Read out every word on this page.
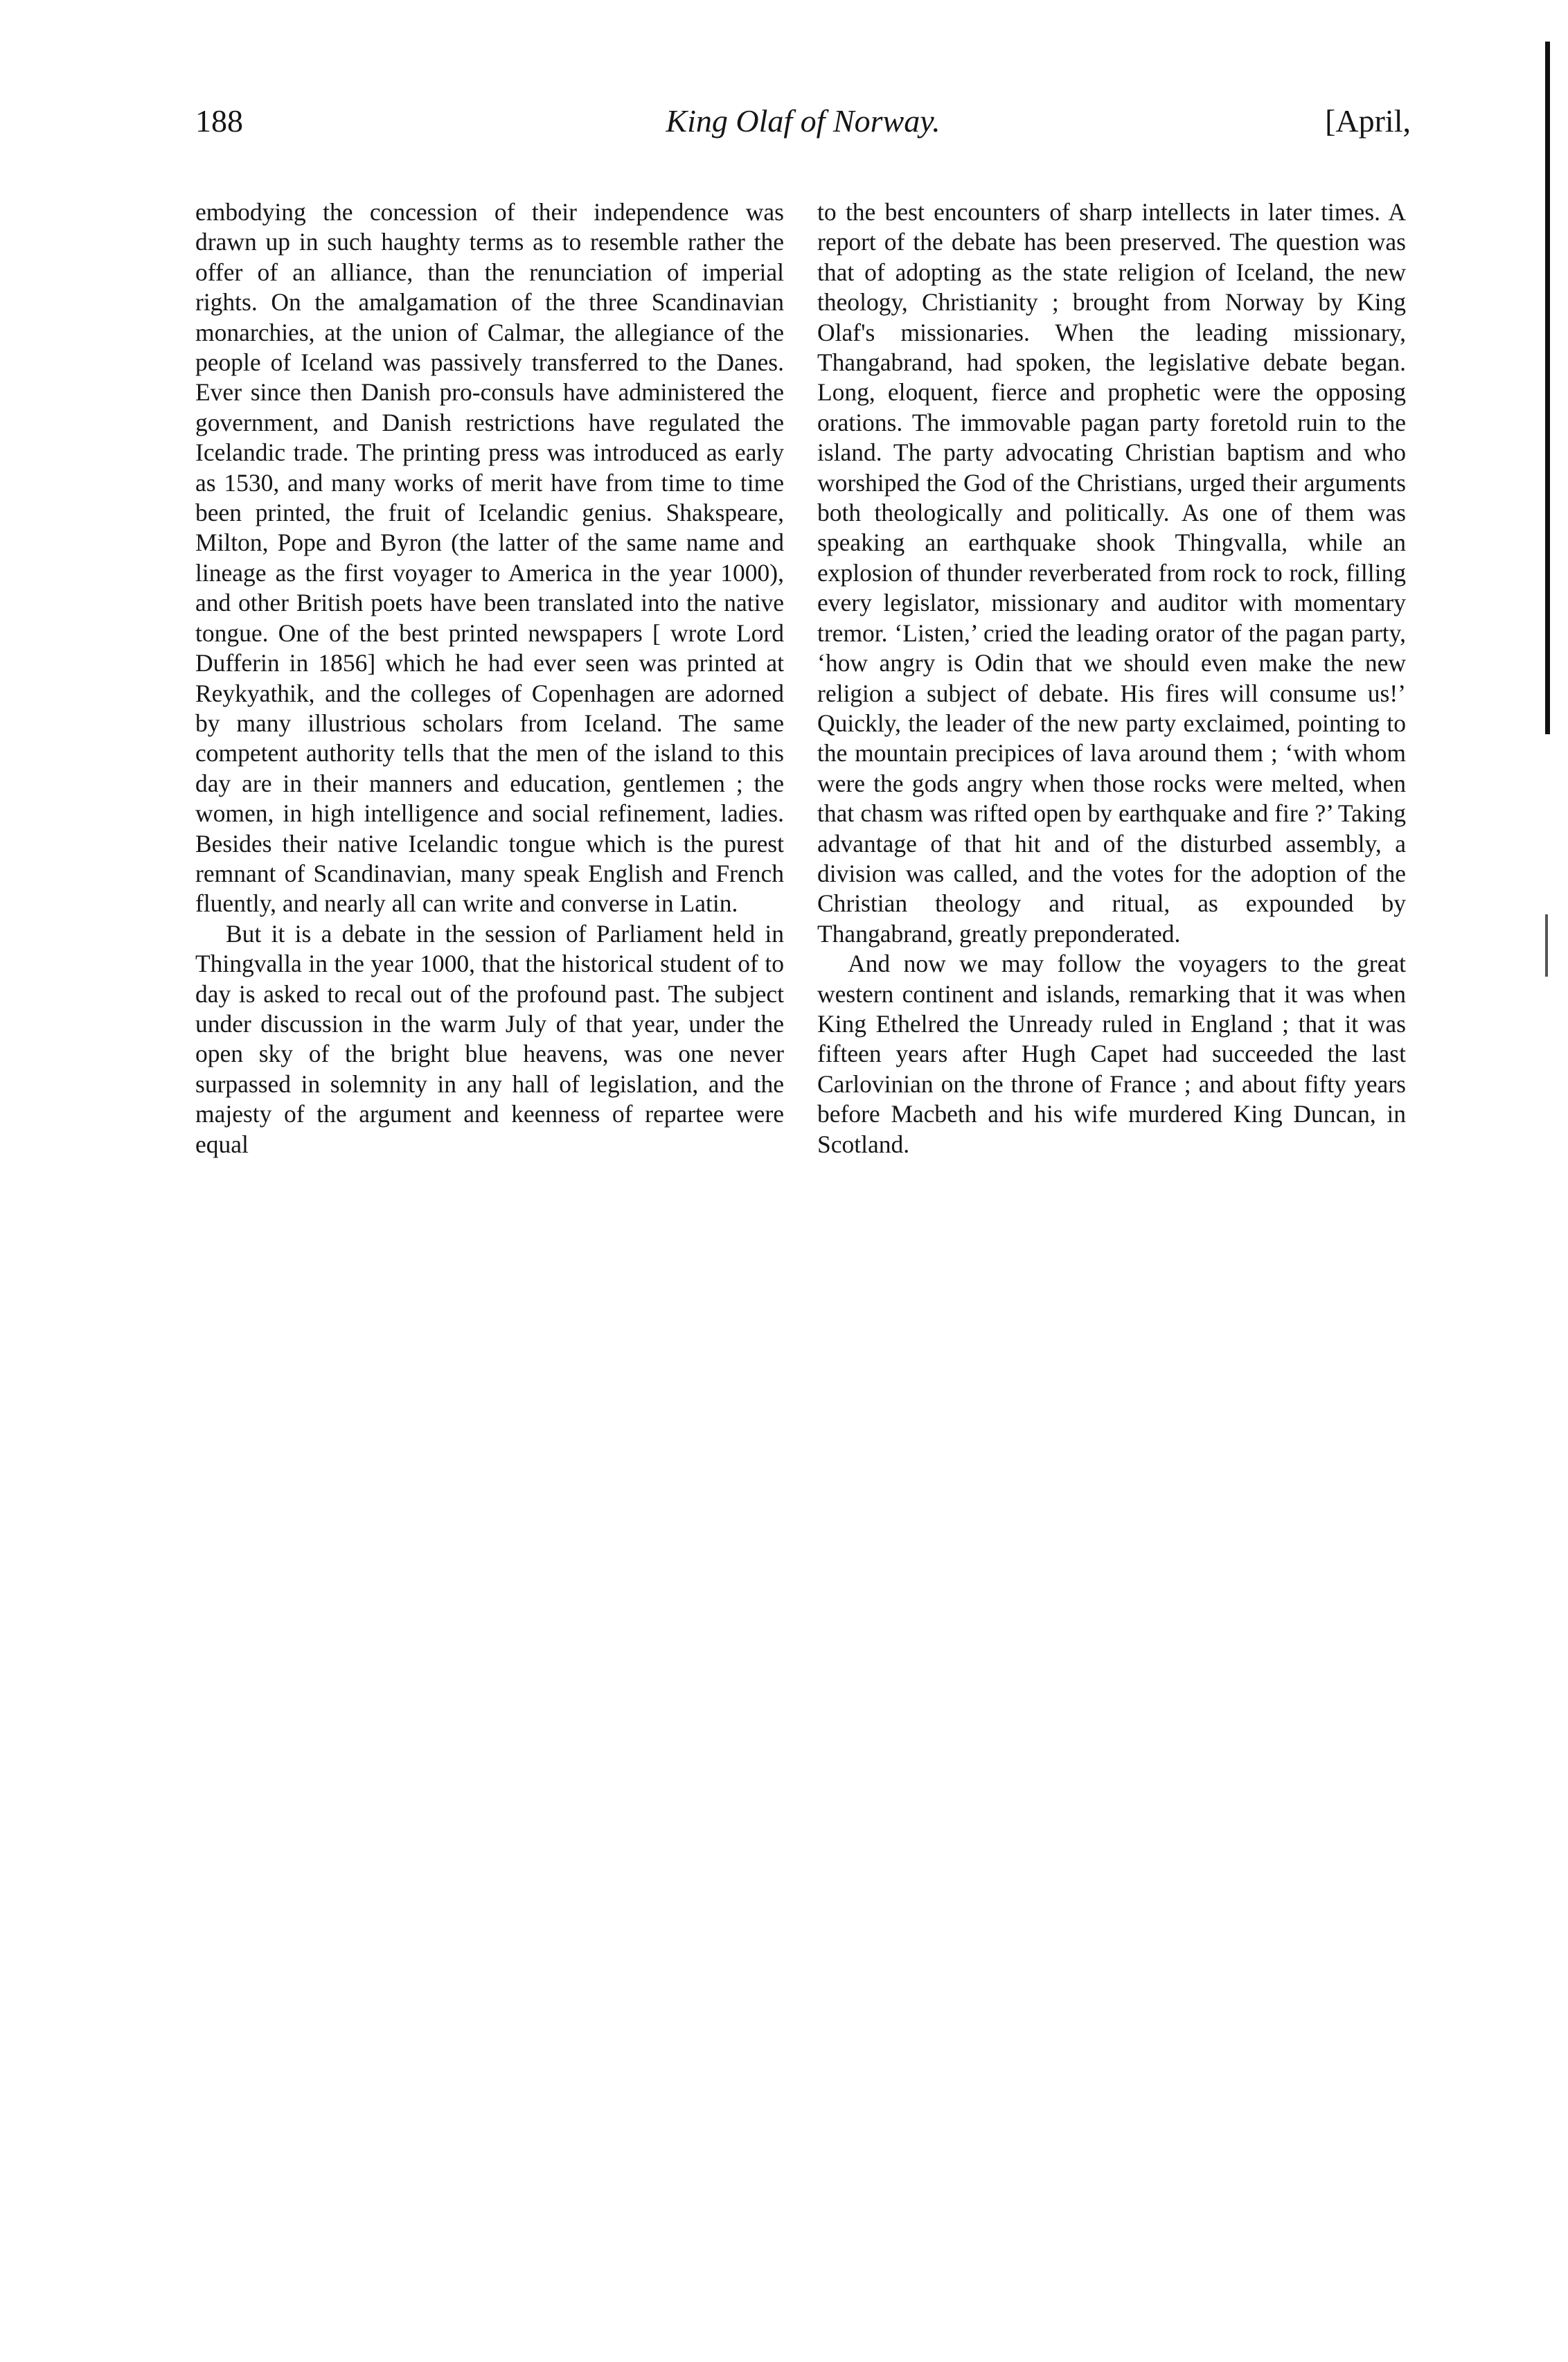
188	King Olaf of Norway.	[April,

embodying the concession of their independence was drawn up in such haughty terms as to resemble rather the offer of an alliance, than the renunciation of imperial rights. On the amalgamation of the three Scandinavian monarchies, at the union of Calmar, the allegiance of the people of Iceland was passively transferred to the Danes. Ever since then Danish pro-consuls have administered the government, and Danish restrictions have regulated the Icelandic trade. The printing press was introduced as early as 1530, and many works of merit have from time to time been printed, the fruit of Icelandic genius. Shakspeare, Milton, Pope and Byron (the latter of the same name and lineage as the first voyager to America in the year 1000), and other British poets have been translated into the native tongue. One of the best printed newspapers [ wrote Lord Dufferin in 1856] which he had ever seen was printed at Reykyathik, and the colleges of Copenhagen are adorned by many illustrious scholars from Iceland. The same competent authority tells that the men of the island to this day are in their manners and education, gentlemen ; the women, in high intelligence and social refinement, ladies. Besides their native Icelandic tongue which is the purest remnant of Scandinavian, many speak English and French fluently, and nearly all can write and converse in Latin.

But it is a debate in the session of Parliament held in Thingvalla in the year 1000, that the historical student of to day is asked to recal out of the profound past. The subject under discussion in the warm July of that year, under the open sky of the bright blue heavens, was one never surpassed in solemnity in any hall of legislation, and the majesty of the argument and keenness of repartee were equal

to the best encounters of sharp intellects in later times. A report of the debate has been preserved. The question was that of adopting as the state religion of Iceland, the new theology, Christianity ; brought from Norway by King Olaf's missionaries. When the leading missionary, Thangabrand, had spoken, the legislative debate began. Long, eloquent, fierce and prophetic were the opposing orations. The immovable pagan party foretold ruin to the island. The party advocating Christian baptism and who worshiped the God of the Christians, urged their arguments both theologically and politically. As one of them was speaking an earthquake shook Thingvalla, while an explosion of thunder reverberated from rock to rock, filling every legislator, missionary and auditor with momentary tremor. ‘Listen,’ cried the leading orator of the pagan party, ‘how angry is Odin that we should even make the new religion a subject of debate. His fires will consume us!’ Quickly, the leader of the new party exclaimed, pointing to the mountain precipices of lava around them ; ‘with whom were the gods angry when those rocks were melted, when that chasm was rifted open by earthquake and fire ?’ Taking advantage of that hit and of the disturbed assembly, a division was called, and the votes for the adoption of the Christian theology and ritual, as expounded by Thangabrand, greatly preponderated.

And now we may follow the voyagers to the great western continent and islands, remarking that it was when King Ethelred the Unready ruled in England ; that it was fifteen years after Hugh Capet had succeeded the last Carlovinian on the throne of France ; and about fifty years before Macbeth and his wife murdered King Duncan, in Scotland.
